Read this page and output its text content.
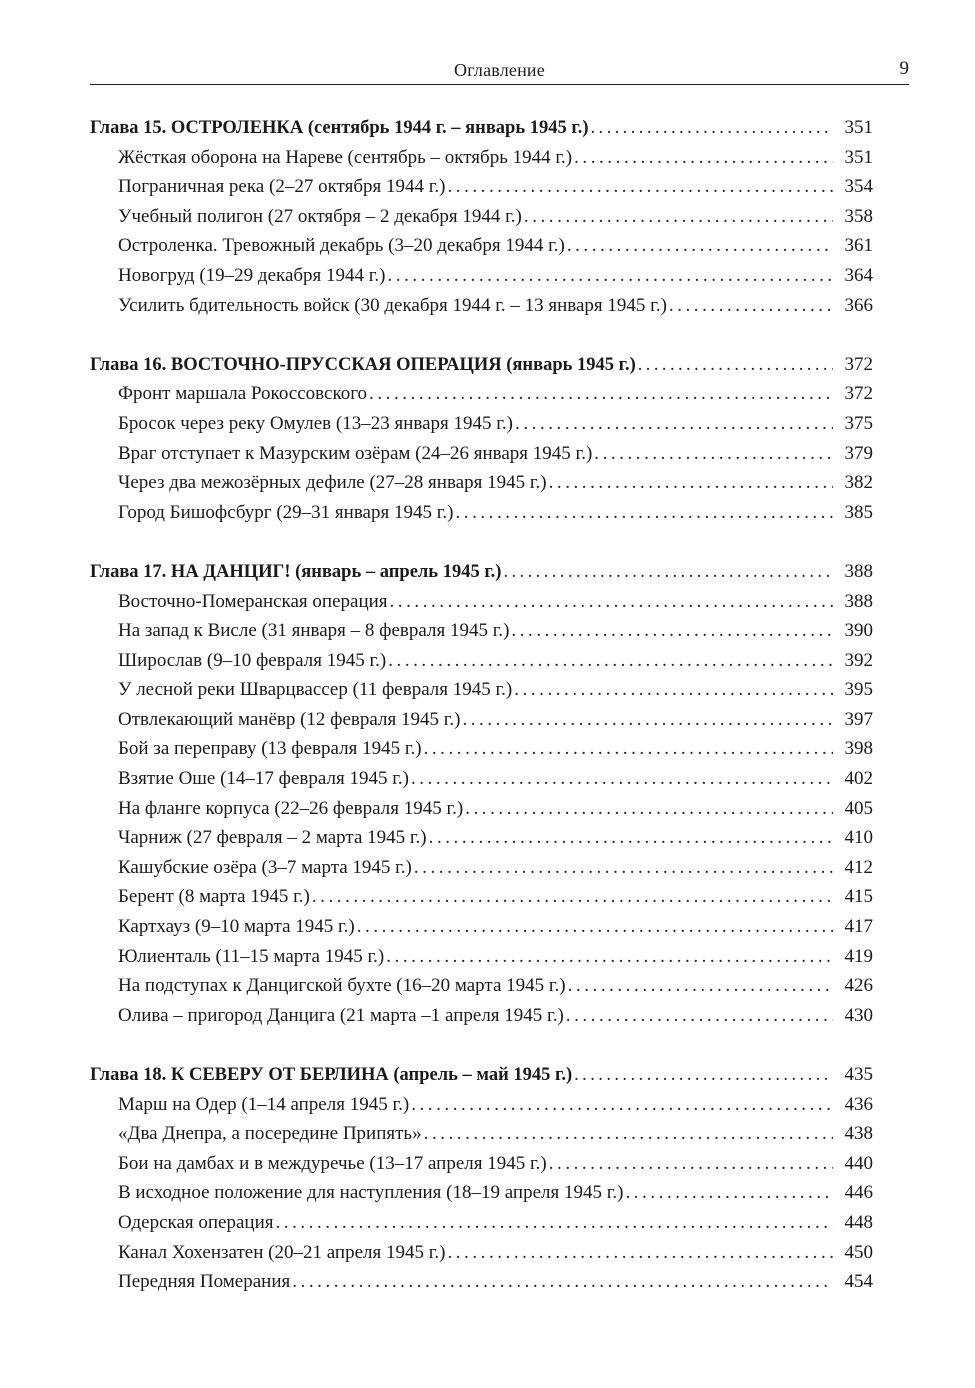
Оглавление	9
Глава 15. ОСТРОЛЕНКА (сентябрь 1944 г. – январь 1945 г.) . . .	351
Жёсткая оборона на Нареве (сентябрь – октябрь 1944 г.) . . .	351
Пограничная река (2–27 октября 1944 г.) . . .	354
Учебный полигон (27 октября – 2 декабря 1944 г.) . . .	358
Остроленка. Тревожный декабрь (3–20 декабря 1944 г.) . . .	361
Новогруд (19–29 декабря 1944 г.) . . .	364
Усилить бдительность войск (30 декабря 1944 г. – 13 января 1945 г.) . . .	366
Глава 16. ВОСТОЧНО-ПРУССКАЯ ОПЕРАЦИЯ (январь 1945 г.) . . .	372
Фронт маршала Рокоссовского . . .	372
Бросок через реку Омулев (13–23 января 1945 г.) . . .	375
Враг отступает к Мазурским озёрам (24–26 января 1945 г.) . . .	379
Через два межозёрных дефиле (27–28 января 1945 г.) . . .	382
Город Бишофсбург (29–31 января 1945 г.) . . .	385
Глава 17. НА ДАНЦИГ! (январь – апрель 1945 г.) . . .	388
Восточно-Померанская операция . . .	388
На запад к Висле (31 января – 8 февраля 1945 г.) . . .	390
Широслав (9–10 февраля 1945 г.) . . .	392
У лесной реки Шварцвассер (11 февраля 1945 г.) . . .	395
Отвлекающий манёвр (12 февраля 1945 г.) . . .	397
Бой за переправу (13 февраля 1945 г.) . . .	398
Взятие Оше (14–17 февраля 1945 г.) . . .	402
На фланге корпуса (22–26 февраля 1945 г.) . . .	405
Чарниж (27 февраля – 2 марта 1945 г.) . . .	410
Кашубские озёра (3–7 марта 1945 г.) . . .	412
Берент (8 марта 1945 г.) . . .	415
Картхауз (9–10 марта 1945 г.) . . .	417
Юлиенталь (11–15 марта 1945 г.) . . .	419
На подступах к Данцигской бухте (16–20 марта 1945 г.) . . .	426
Олива – пригород Данцига (21 марта –1 апреля 1945 г.) . . .	430
Глава 18. К СЕВЕРУ ОТ БЕРЛИНА (апрель – май 1945 г.) . . .	435
Марш на Одер (1–14 апреля 1945 г.) . . .	436
«Два Днепра, а посередине Припять» . . .	438
Бои на дамбах и в междуречье (13–17 апреля 1945 г.) . . .	440
В исходное положение для наступления (18–19 апреля 1945 г.) . . .	446
Одерская операция . . .	448
Канал Хохензатен (20–21 апреля 1945 г.) . . .	450
Передняя Померания . . .	454
